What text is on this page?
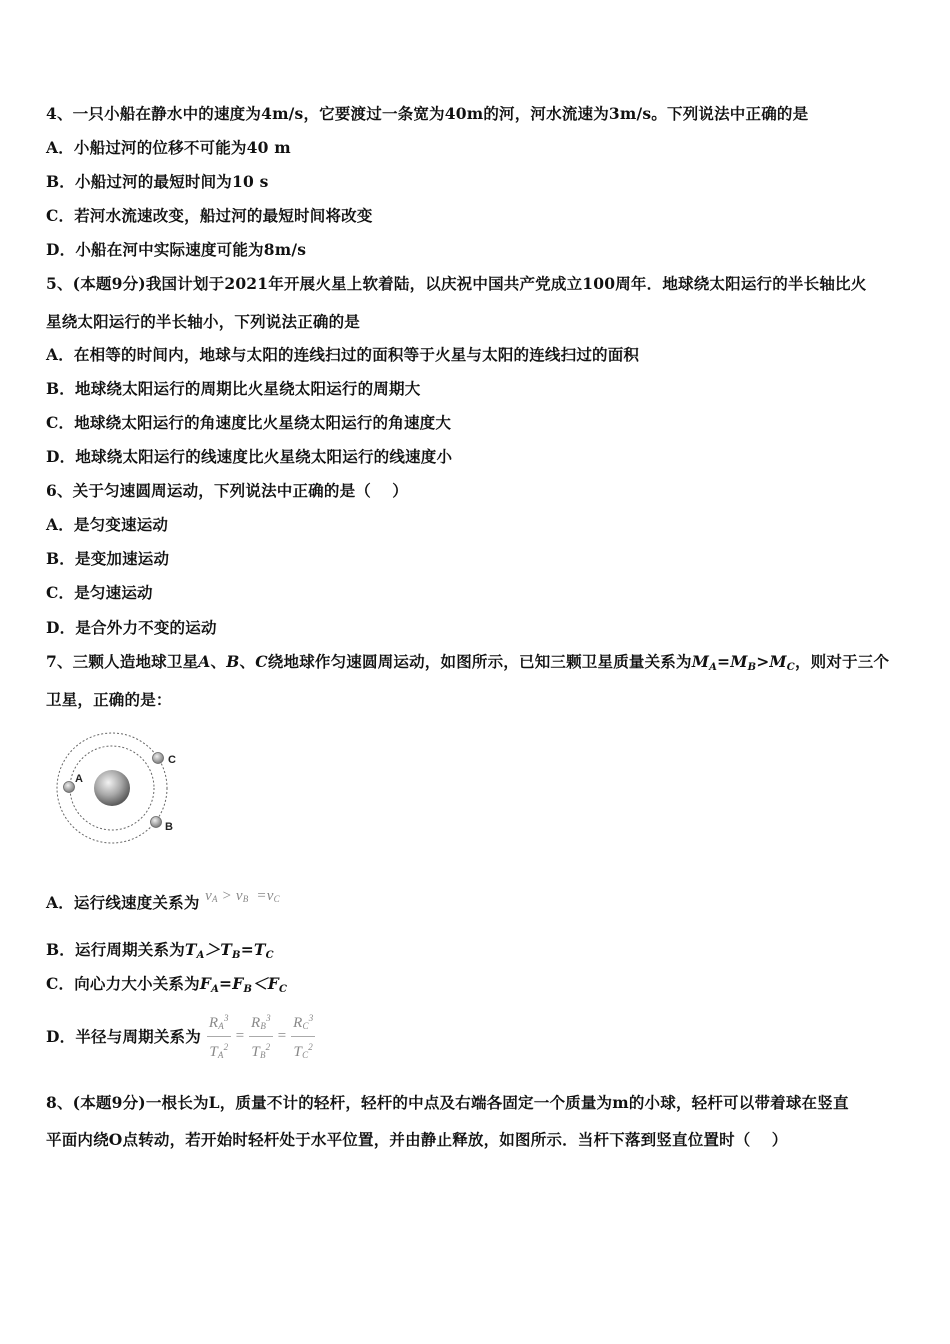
4、一只小船在静水中的速度为4m/s，它要渡过一条宽为40m的河，河水流速为3m/s。下列说法中正确的是
A．小船过河的位移不可能为40 m
B．小船过河的最短时间为10 s
C．若河水流速改变，船过河的最短时间将改变
D．小船在河中实际速度可能为8m/s
5、(本题9分)我国计划于2021年开展火星上软着陆，以庆祝中国共产党成立100周年．地球绕太阳运行的半长轴比火
星绕太阳运行的半长轴小，下列说法正确的是
A．在相等的时间内，地球与太阳的连线扫过的面积等于火星与太阳的连线扫过的面积
B．地球绕太阳运行的周期比火星绕太阳运行的周期大
C．地球绕太阳运行的角速度比火星绕太阳运行的角速度大
D．地球绕太阳运行的线速度比火星绕太阳运行的线速度小
6、关于匀速圆周运动，下列说法中正确的是（　 ）
A．是匀变速运动
B．是变加速运动
C．是匀速运动
D．是合外力不变的运动
7、三颗人造地球卫星A、B、C绕地球作匀速圆周运动，如图所示，已知三颗卫星质量关系为$M_A=M_B>M_C$，则对于三个
卫星，正确的是：
A
C
B
A．运行线速度关系为 $v_A > v_B =v_C$
B．运行周期关系为$T_A>T_B=T_C$
C．向心力大小关系为$F_A=F_B<F_C$
D．半径与周期关系为 $\frac{R_A^3}{T_A^2} = \frac{R_B^3}{T_B^2} = \frac{R_C^3}{T_C^2}$
8、(本题9分)一根长为L，质量不计的轻杆，轻杆的中点及右端各固定一个质量为m的小球，轻杆可以带着球在竖直
平面内绕O点转动，若开始时轻杆处于水平位置，并由静止释放，如图所示．当杆下落到竖直位置时（　 ）
